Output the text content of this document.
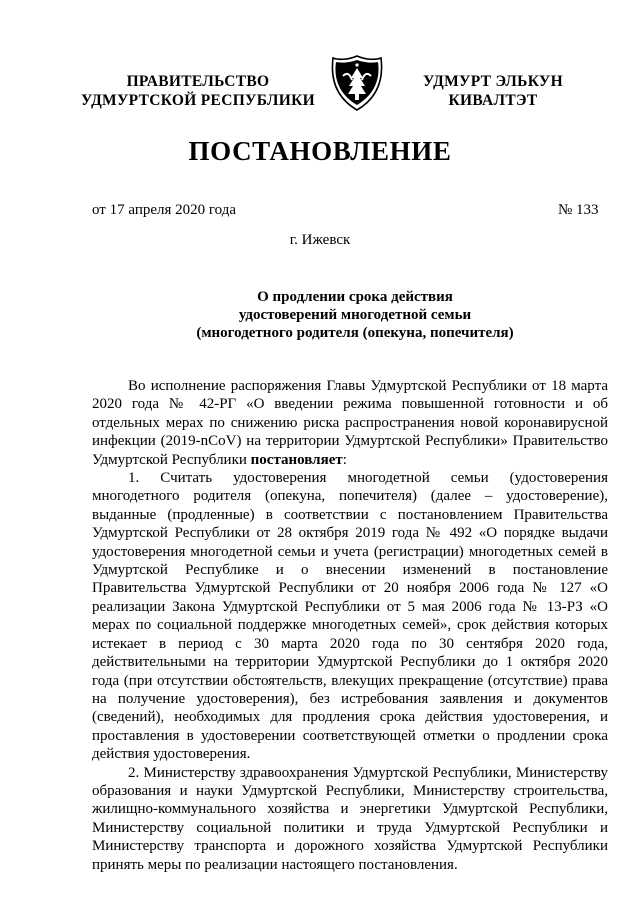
ПРАВИТЕЛЬСТВО
УДМУРТСКОЙ РЕСПУБЛИКИ
УДМУРТ ЭЛЬКУН
КИВАЛТЭТ
ПОСТАНОВЛЕНИЕ
от 17 апреля 2020 года	№ 133
г. Ижевск
О продлении срока действия
удостоверений многодетной семьи
(многодетного родителя (опекуна, попечителя)

Во исполнение распоряжения Главы Удмуртской Республики от 18 марта 2020 года № 42-РГ «О введении режима повышенной готовности и об отдельных мерах по снижению риска распространения новой коронавирусной инфекции (2019-nCoV) на территории Удмуртской Республики» Правительство Удмуртской Республики постановляет:

1. Считать удостоверения многодетной семьи (удостоверения многодетного родителя (опекуна, попечителя) (далее – удостоверение), выданные (продленные) в соответствии с постановлением Правительства Удмуртской Республики от 28 октября 2019 года № 492 «О порядке выдачи удостоверения многодетной семьи и учета (регистрации) многодетных семей в Удмуртской Республике и о внесении изменений в постановление Правительства Удмуртской Республики от 20 ноября 2006 года № 127 «О реализации Закона Удмуртской Республики от 5 мая 2006 года № 13-РЗ «О мерах по социальной поддержке многодетных семей», срок действия которых истекает в период с 30 марта 2020 года по 30 сентября 2020 года, действительными на территории Удмуртской Республики до 1 октября 2020 года (при отсутствии обстоятельств, влекущих прекращение (отсутствие) права на получение удостоверения), без истребования заявления и документов (сведений), необходимых для продления срока действия удостоверения, и проставления в удостоверении соответствующей отметки о продлении срока действия удостоверения.

2. Министерству здравоохранения Удмуртской Республики, Министерству образования и науки Удмуртской Республики, Министерству строительства, жилищно-коммунального хозяйства и энергетики Удмуртской Республики, Министерству социальной политики и труда Удмуртской Республики и Министерству транспорта и дорожного хозяйства Удмуртской Республики принять меры по реализации настоящего постановления.
